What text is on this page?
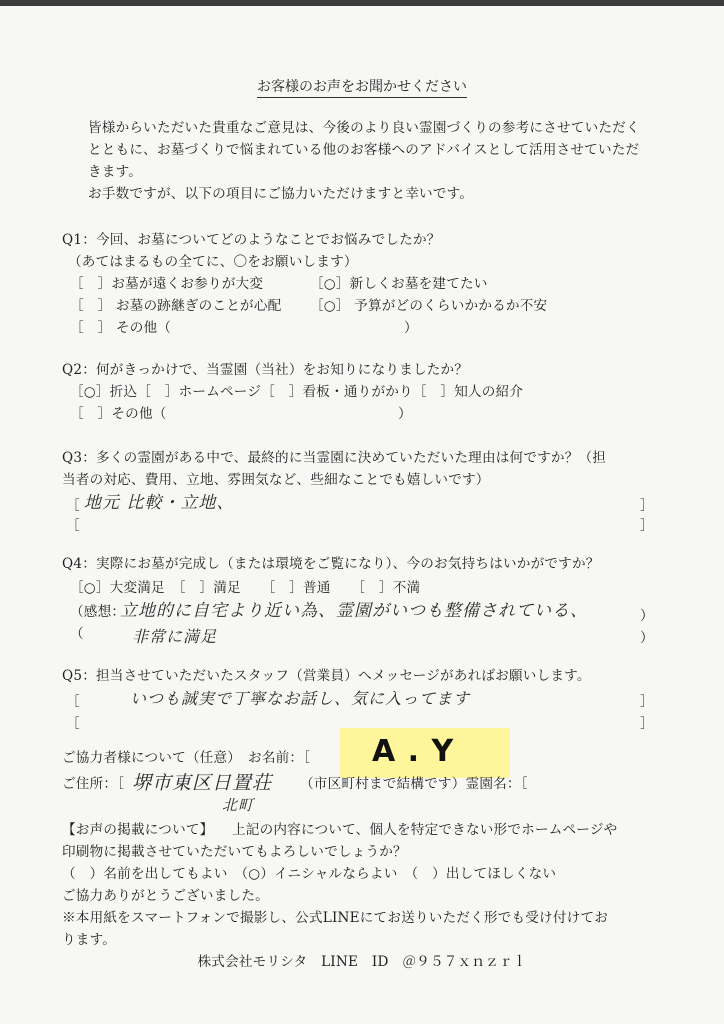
お客様のお声をお聞かせください
皆様からいただいた貴重なご意見は、今後のより良い霊園づくりの参考にさせていただく
とともに、お墓づくりで悩まれている他のお客様へのアドバイスとして活用させていただ
きます。
お手数ですが、以下の項目にご協力いただけますと幸いです。
Q1：今回、お墓についてどのようなことでお悩みでしたか？
（あてはまるもの全てに、〇をお願いします）
［　］お墓が遠くお参りが大変	［○］新しくお墓を建てたい
［　］ お墓の跡継ぎのことが心配 ［○］ 予算がどのくらいかかるか不安
［　］ その他（	）
Q2：何がきっかけで、当霊園（当社）をお知りになりましたか？
［○］折込［　］ホームページ［　］看板・通りがかり［　］知人の紹介
［　］その他（	）
Q3：多くの霊園がある中で、最終的に当霊園に決めていただいた理由は何ですか？（担
当者の対応、費用、立地、雰囲気など、些細なことでも嬉しいです）
［	］
［	］
地元 比較・立地、
Q4：実際にお墓が完成し（または環境をご覧になり）、今のお気持ちはいかがですか？
［○］大変満足　［　］満足　　［　］普通　　［　］不満
（感想：
（
）
）
立地的に自宅より近い為、霊園がいつも整備されている、
非常に満足
Q5：担当させていただいたスタッフ（営業員）へメッセージがあればお願いします。
［	］
［	］
いつも誠実で丁寧なお話し、気に入ってます
ご協力者様について（任意）　お名前：［ A . Y
ご住所：［	（市区町村まで結構です）霊園名：［
堺市東区日置荘
北町
【お声の掲載について】 上記の内容について、個人を特定できない形でホームページや
印刷物に掲載させていただいてもよろしいでしょうか？
（　）名前を出してもよい　（○）イニシャルならよい　（　）出してほしくない
ご協力ありがとうございました。
※本用紙をスマートフォンで撮影し、公式LINEにてお送りいただく形でも受け付けてお
ります。
株式会社モリシタ　LINE　ID　＠９５７ｘｎｚｒｌ
